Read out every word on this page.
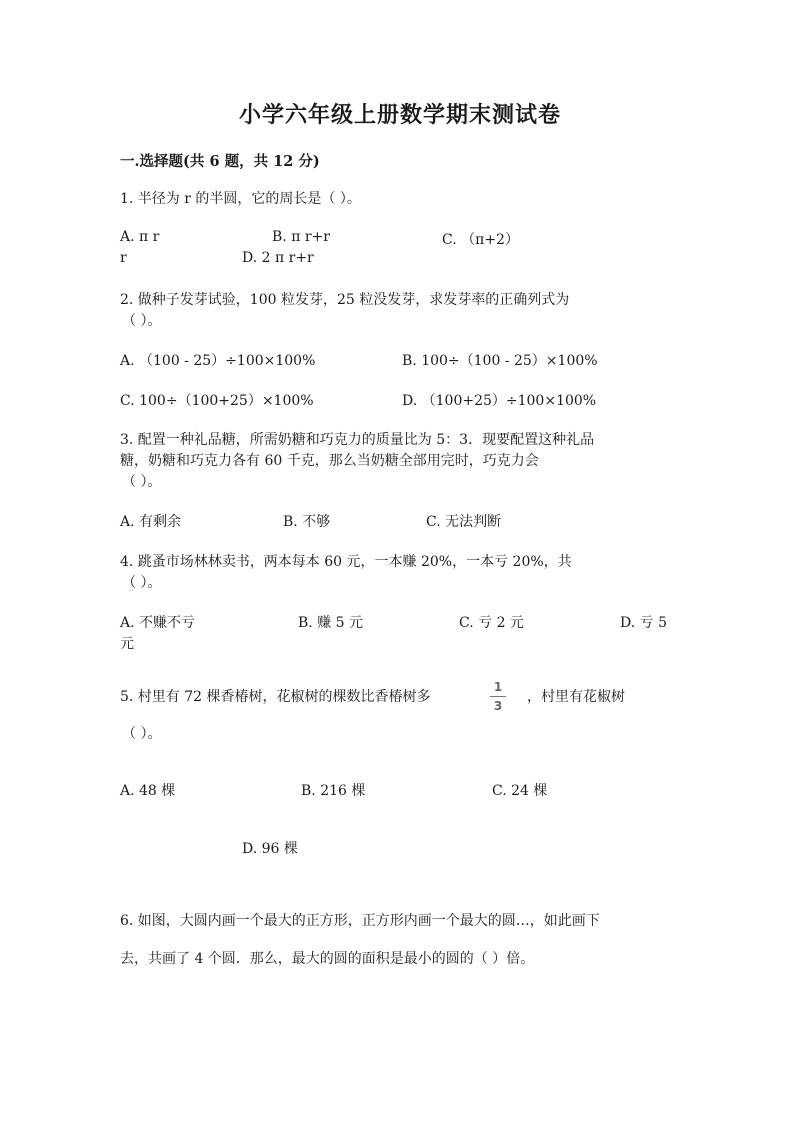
小学六年级上册数学期末测试卷
一.选择题(共 6 题，共 12 分)
1. 半径为 r 的半圆，它的周长是（ ）。
A. π r	B. π r+r	C. （π+2）
r	D. 2 π r+r
2. 做种子发芽试验，100 粒发芽，25 粒没发芽，求发芽率的正确列式为
（ ）。
A. （100 - 25）÷100×100%	B. 100÷（100 - 25）×100%
C. 100÷（100+25）×100%	D. （100+25）÷100×100%
3. 配置一种礼品糖，所需奶糖和巧克力的质量比为 5：3．现要配置这种礼品
糖，奶糖和巧克力各有 60 千克，那么当奶糖全部用完时，巧克力会
（ ）。
A. 有剩余	B. 不够	C. 无法判断
4. 跳蚤市场林林卖书，两本每本 60 元，一本赚 20%，一本亏 20%，共
（ ）。
A. 不赚不亏	B. 赚 5 元	C. 亏 2 元	D. 亏 5
元
5. 村里有 72 棵香椿树，花椒树的棵数比香椿树多
1
3
，村里有花椒树
（ ）。
A. 48 棵	B. 216 棵	C. 24 棵
D. 96 棵
6. 如图，大圆内画一个最大的正方形，正方形内画一个最大的圆…，如此画下
去，共画了 4 个圆．那么，最大的圆的面积是最小的圆的（ ）倍。
